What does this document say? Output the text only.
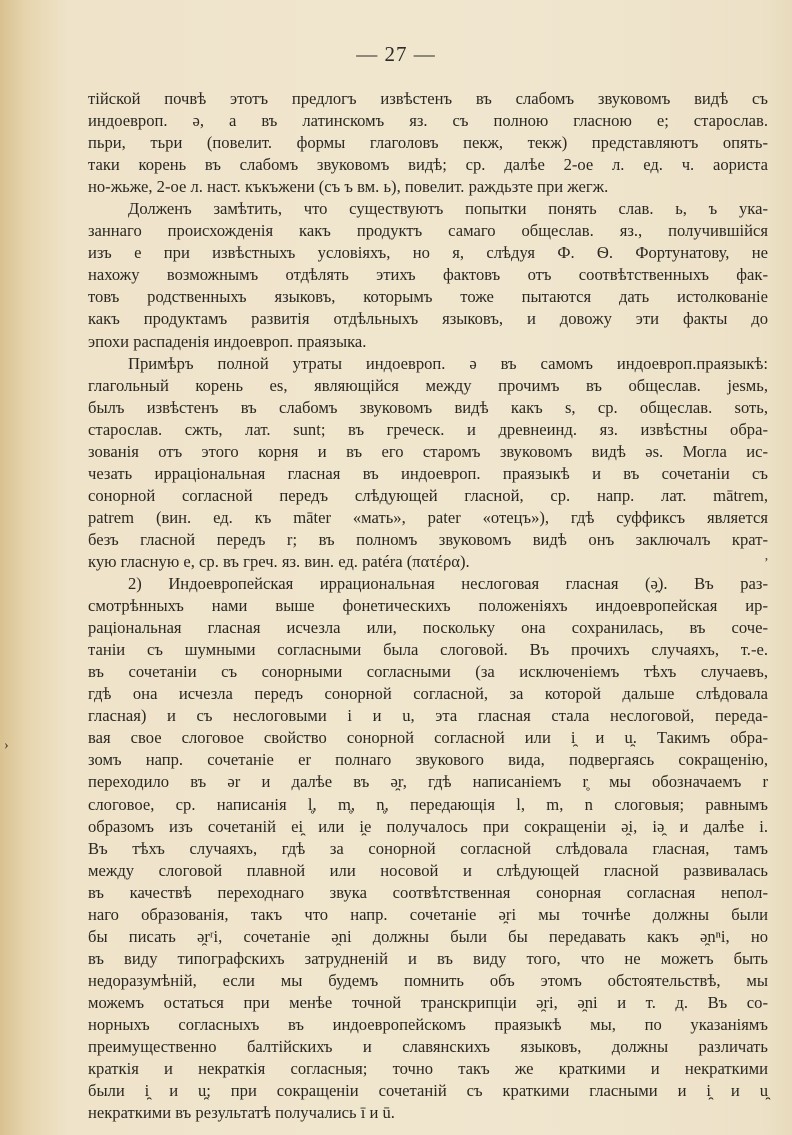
— 27 —
тійской почвѣ этотъ предлогъ извѣстенъ въ слабомъ звуковомъ видѣ съ
индоевроп. ə, а въ латинскомъ яз. съ полною гласною e; старослав.
пьри, тьри (повелит. формы глаголовъ пекж, текж) представляютъ опять-
таки корень въ слабомъ звуковомъ видѣ; ср. далѣе 2-ое л. ед. ч. аориста
но-жьже, 2-ое л. наст. къкъжени (съ ъ вм. ь), повелит. раждьзте при жегж.
Долженъ замѣтить, что существуютъ попытки понять слав. ь, ъ ука-
заннаго происхожденія какъ продуктъ самаго общеслав. яз., получившійся
изъ е при извѣстныхъ условіяхъ, но я, слѣдуя Ф. Ѳ. Фортунатову, не
нахожу возможнымъ отдѣлять этихъ фактовъ отъ соотвѣтственныхъ фак-
товъ родственныхъ языковъ, которымъ тоже пытаются дать истолкованіе
какъ продуктамъ развитія отдѣльныхъ языковъ, и довожу эти факты до
эпохи распаденія индоевроп. праязыка.
Примѣръ полной утраты индоевроп. ə въ самомъ индоевроп.праязыкѣ:
глагольный корень es, являющійся между прочимъ въ общеслав. jesмь,
былъ извѣстенъ въ слабомъ звуковомъ видѣ какъ s, ср. общеслав. sоть,
старослав. сжть, лат. sunt; въ греческ. и древнеинд. яз. извѣстны обра-
зованія отъ этого корня и въ его старомъ звуковомъ видѣ əs. Могла ис-
чезать ирраціональная гласная въ индоевроп. праязыкѣ и въ сочетаніи съ
сонорной согласной передъ слѣдующей гласной, ср. напр. лат. mātrem,
patrem (вин. ед. къ māter «мать», pater «отецъ»), гдѣ суффиксъ является
безъ гласной передъ r; въ полномъ звуковомъ видѣ онъ заключалъ крат-
кую гласную е, ср. въ греч. яз. вин. ед. patéra (πατέρα).
2) Индоевропейская иррациональная неслоговая гласная (ə̯). Въ раз-
смотрѣнныхъ нами выше фонетическихъ положеніяхъ индоевропейская ир-
раціональная гласная исчезла или, поскольку она сохранилась, въ соче-
таніи съ шумными согласными была слоговой. Въ прочихъ случаяхъ, т.-е.
въ сочетаніи съ сонорными согласными (за исключеніемъ тѣхъ случаевъ,
гдѣ она исчезла передъ сонорной согласной, за которой дальше слѣдовала
гласная) и съ неслоговыми i и u, эта гласная стала неслоговой, переда-
вая свое слоговое свойство сонорной согласной или i̯ и u̯. Такимъ обра-
зомъ напр. сочетаніе er полнаго звукового вида, подвергаясь сокращенію,
переходило въ ər и далѣе въ ə̯r, гдѣ написаніемъ r̥ мы обозначаемъ r
слоговое, ср. написанія l̥, m̥, n̥, передающія l, m, n слоговыя; равнымъ
образомъ изъ сочетаній ei̯ или i̯e получалось при сокращеніи ə̯i, iə̯ и далѣе i.
Въ тѣхъ случаяхъ, гдѣ за сонорной согласной слѣдовала гласная, тамъ
между слоговой плавной или носовой и слѣдующей гласной развивалась
въ качествѣ переходнаго звука соотвѣтственная сонорная согласная непол-
наго образованія, такъ что напр. сочетаніе ə̯ri мы точнѣе должны были
бы писать ə̯rʳi, сочетаніе ə̯ni должны были бы передавать какъ ə̯nⁿi, но
въ виду типографскихъ затрудненій и въ виду того, что не можетъ быть
недоразумѣній, если мы будемъ помнить объ этомъ обстоятельствѣ, мы
можемъ остаться при менѣе точной транскрипціи ə̯ri, ə̯ni и т. д. Въ со-
норныхъ согласныхъ въ индоевропейскомъ праязыкѣ мы, по указаніямъ
преимущественно балтійскихъ и славянскихъ языковъ, должны различать
краткія и некраткія согласныя; точно такъ же краткими и некраткими
были i̯ и u̯; при сокращеніи сочетаній съ краткими гласными и i̯ и u̯
некраткими въ результатѣ получались ī и ū.
ʼ
›
